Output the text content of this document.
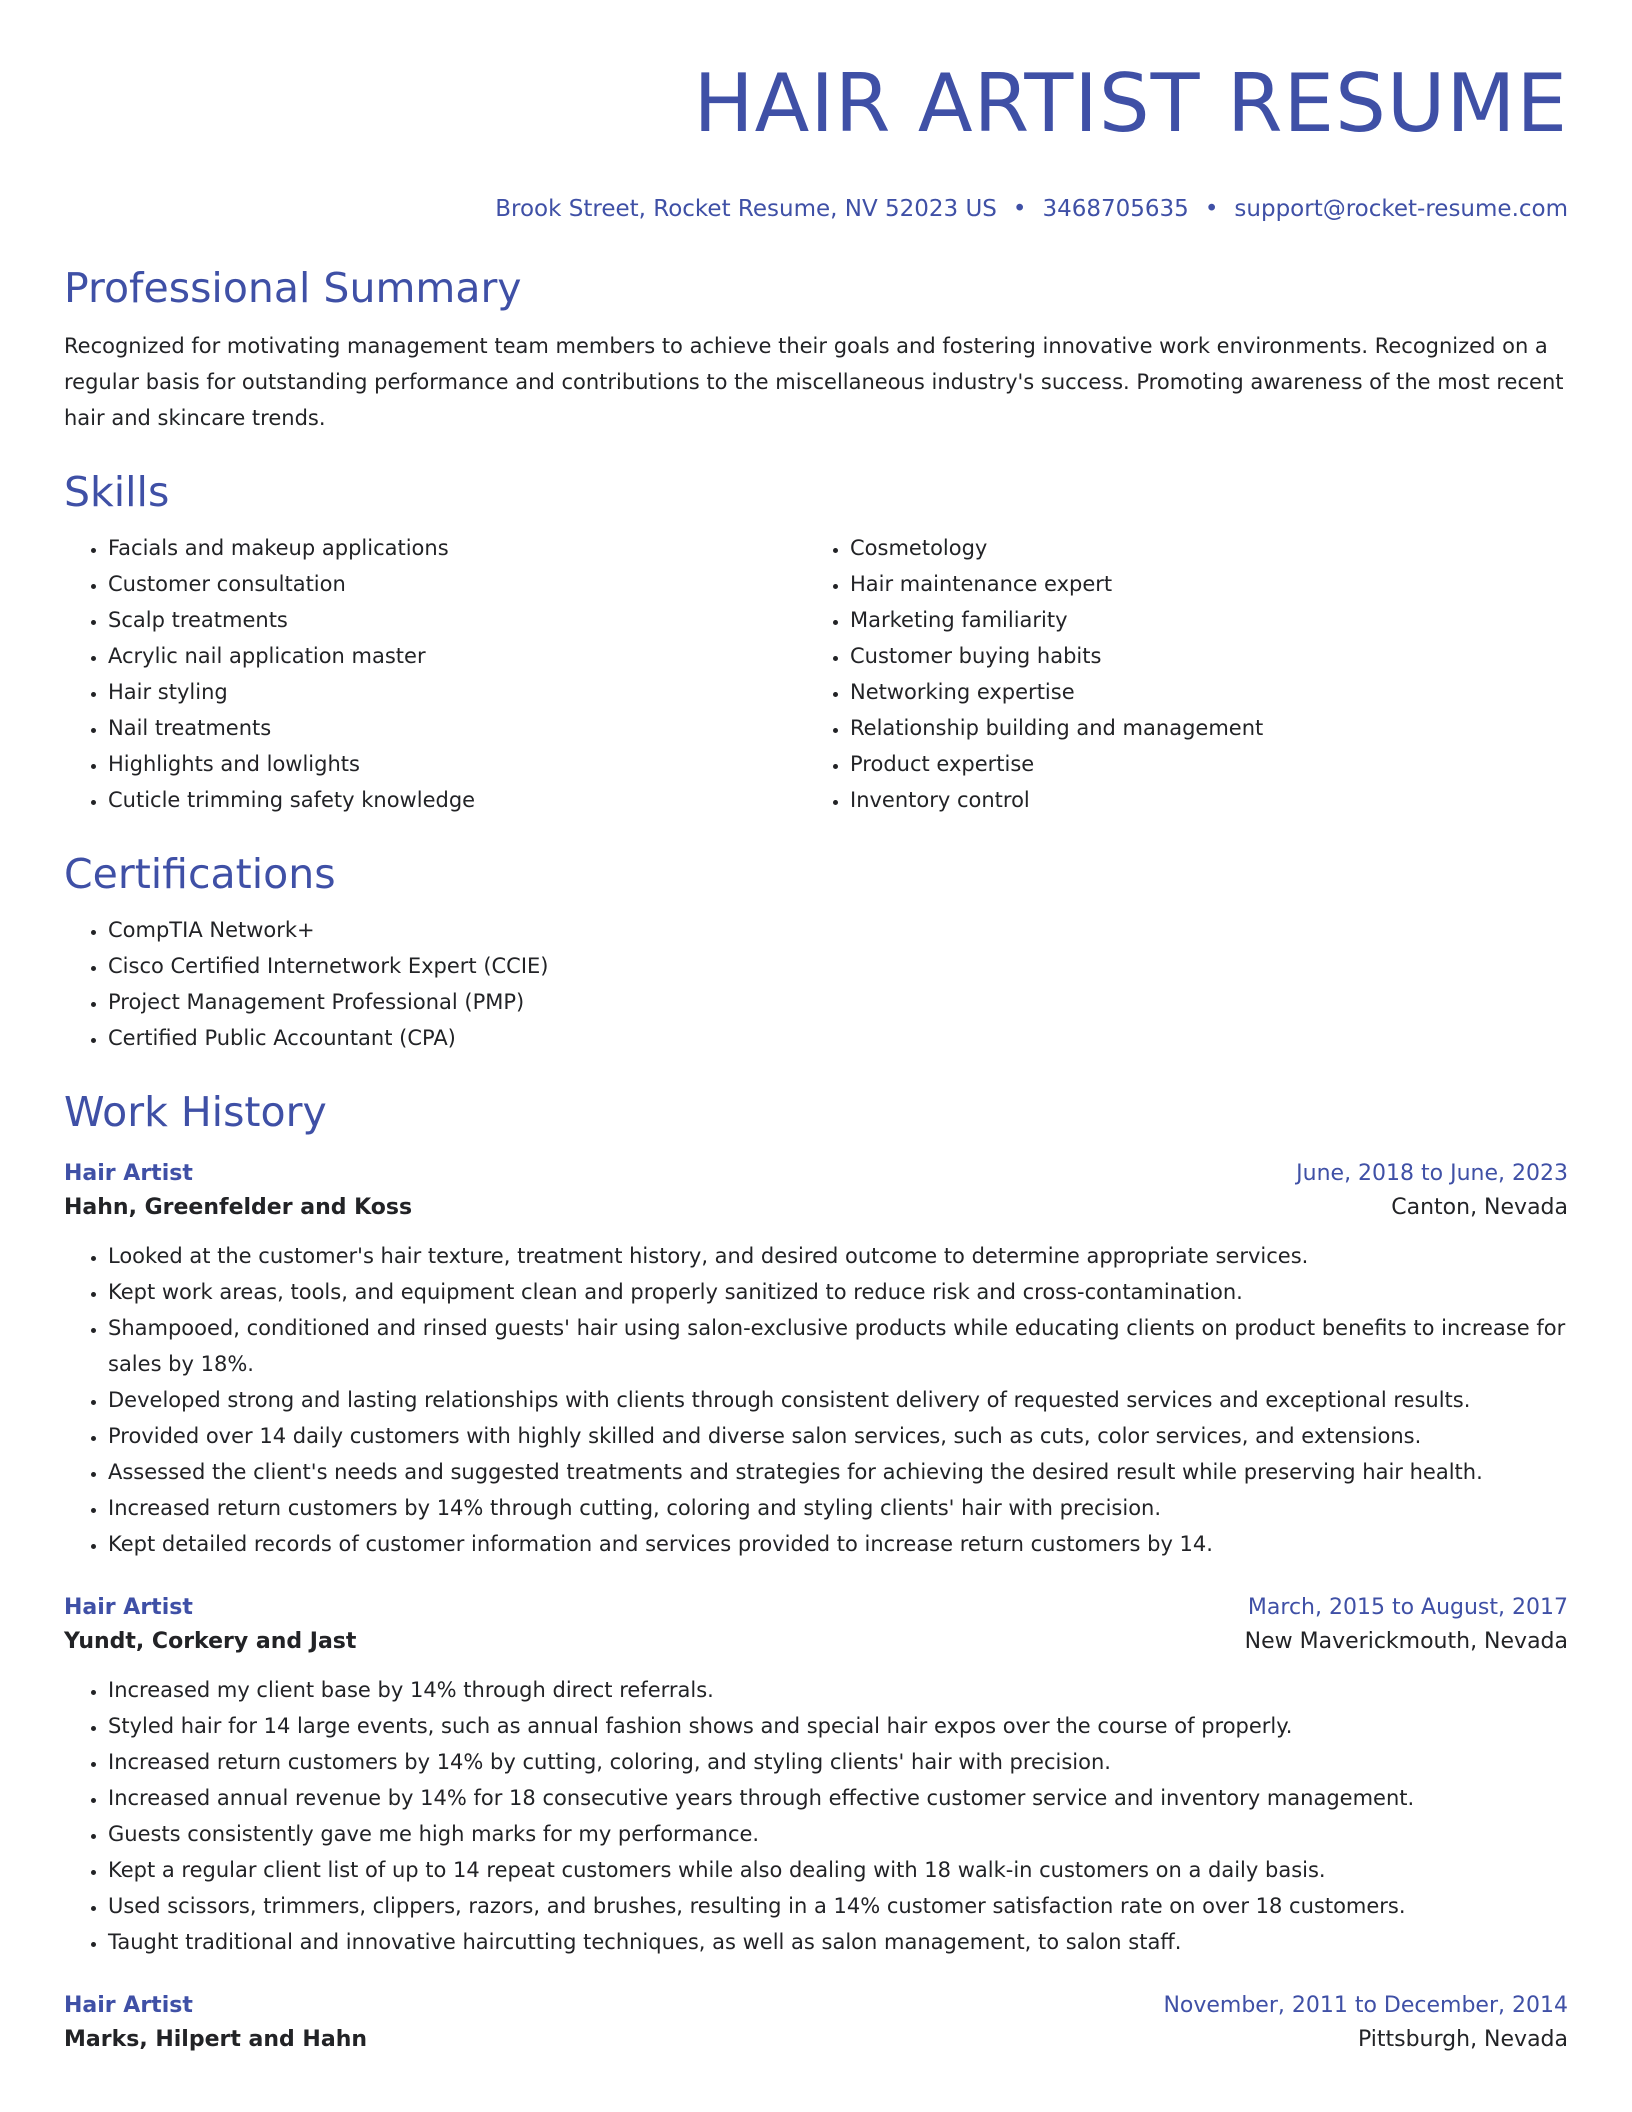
HAIR ARTIST RESUME
Brook Street, Rocket Resume, NV 52023 US • 3468705635 • support@rocket-resume.com
Professional Summary

Recognized for motivating management team members to achieve their goals and fostering innovative work environments. Recognized on a regular basis for outstanding performance and contributions to the miscellaneous industry's success. Promoting awareness of the most recent hair and skincare trends.

Skills
• Facials and makeup applications
• Customer consultation
• Scalp treatments
• Acrylic nail application master
• Hair styling
• Nail treatments
• Highlights and lowlights
• Cuticle trimming safety knowledge
• Cosmetology
• Hair maintenance expert
• Marketing familiarity
• Customer buying habits
• Networking expertise
• Relationship building and management
• Product expertise
• Inventory control
Certifications
• CompTIA Network+
• Cisco Certified Internetwork Expert (CCIE)
• Project Management Professional (PMP)
• Certified Public Accountant (CPA)
Work History
Hair Artist	June, 2018 to June, 2023
Hahn, Greenfelder and Koss	Canton, Nevada
• Looked at the customer's hair texture, treatment history, and desired outcome to determine appropriate services.
• Kept work areas, tools, and equipment clean and properly sanitized to reduce risk and cross-contamination.
• Shampooed, conditioned and rinsed guests' hair using salon-exclusive products while educating clients on product benefits to increase for sales by 18%.
• Developed strong and lasting relationships with clients through consistent delivery of requested services and exceptional results.
• Provided over 14 daily customers with highly skilled and diverse salon services, such as cuts, color services, and extensions.
• Assessed the client's needs and suggested treatments and strategies for achieving the desired result while preserving hair health.
• Increased return customers by 14% through cutting, coloring and styling clients' hair with precision.
• Kept detailed records of customer information and services provided to increase return customers by 14.
Hair Artist	March, 2015 to August, 2017
Yundt, Corkery and Jast	New Maverickmouth, Nevada
• Increased my client base by 14% through direct referrals.
• Styled hair for 14 large events, such as annual fashion shows and special hair expos over the course of properly.
• Increased return customers by 14% by cutting, coloring, and styling clients' hair with precision.
• Increased annual revenue by 14% for 18 consecutive years through effective customer service and inventory management.
• Guests consistently gave me high marks for my performance.
• Kept a regular client list of up to 14 repeat customers while also dealing with 18 walk-in customers on a daily basis.
• Used scissors, trimmers, clippers, razors, and brushes, resulting in a 14% customer satisfaction rate on over 18 customers.
• Taught traditional and innovative haircutting techniques, as well as salon management, to salon staff.
Hair Artist	November, 2011 to December, 2014
Marks, Hilpert and Hahn	Pittsburgh, Nevada
